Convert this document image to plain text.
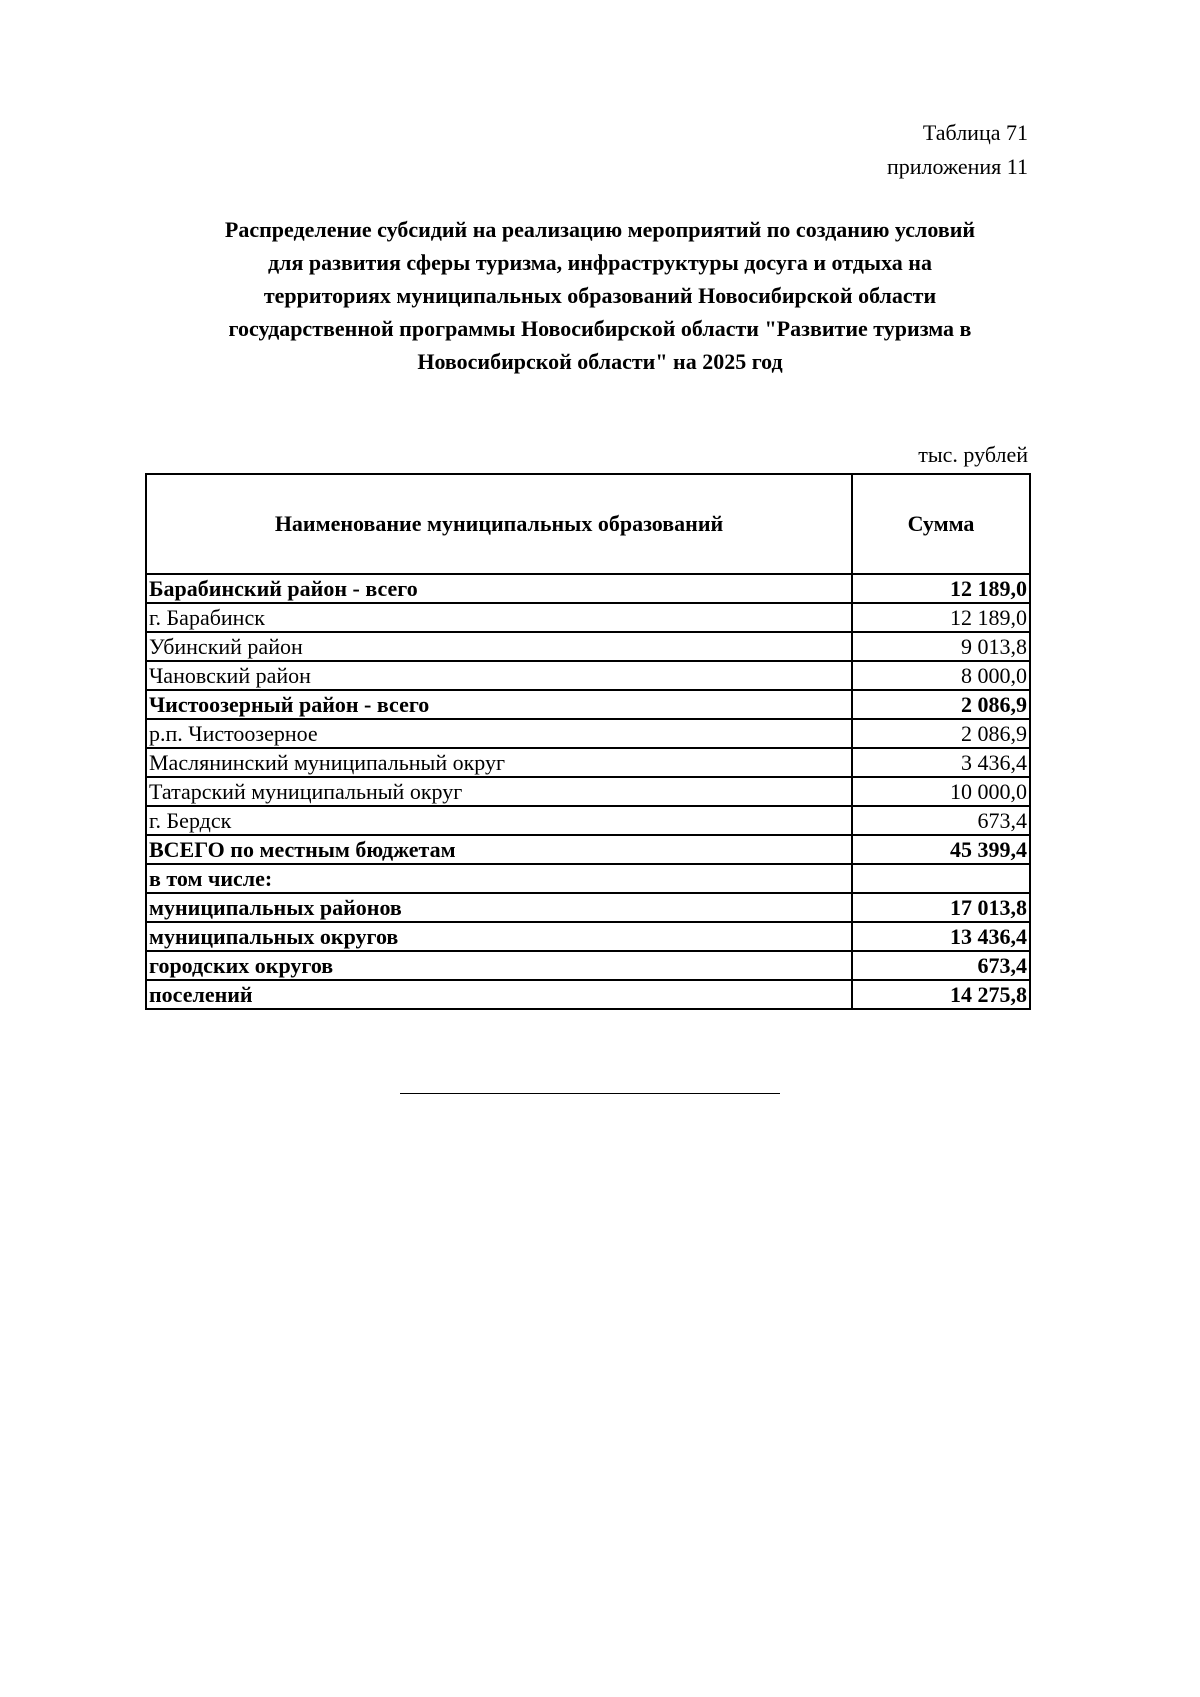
Таблица 71
приложения 11
Распределение субсидий на реализацию мероприятий по созданию условий
для развития сферы туризма, инфраструктуры досуга и отдыха на
территориях муниципальных образований Новосибирской области
государственной программы Новосибирской области "Развитие туризма в
Новосибирской области" на 2025 год
тыс. рублей
Наименование муниципальных образований	Сумма
Барабинский район - всего	12 189,0
г. Барабинск	12 189,0
Убинский район	9 013,8
Чановский район	8 000,0
Чистоозерный район - всего	2 086,9
р.п. Чистоозерное	2 086,9
Маслянинский муниципальный округ	3 436,4
Татарский муниципальный округ	10 000,0
г. Бердск	673,4
ВСЕГО по местным бюджетам	45 399,4
в том числе:	
муниципальных районов	17 013,8
муниципальных округов	13 436,4
городских округов	673,4
поселений	14 275,8
